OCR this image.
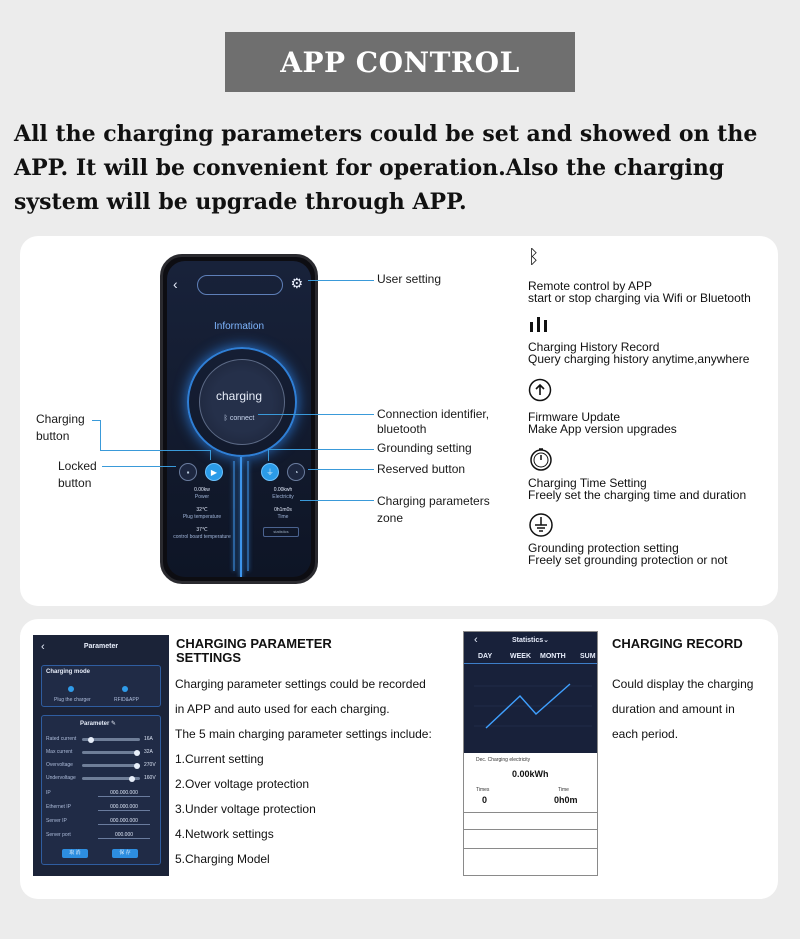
APP CONTROL
All the charging parameters could be set and showed on the APP. It will be convenient for operation.Also the charging system will be upgrade through APP.
‹	⚙
Information
charging
ᛒ connect
▪	▶	⏚	◔
0.00kw
Power
32℃
Plug temperature
37℃
control board temperature
0.00kwh
Electricity
0h1m0s
Time
statistics
User setting
Connection identifier, bluetooth
Grounding setting
Reserved button
Charging parameters zone
Charging button
Locked button
ᛒ
Remote control by APP
start or stop charging via Wifi or Bluetooth
Charging History Record
Query charging history anytime,anywhere
Firmware Update
Make App version upgrades
Charging Time Setting
Freely set the charging time and duration
Grounding protection setting
Freely set grounding protection or not
‹	Parameter
Charging mode
Plug the charger	RFID&APP
Parameter ✎
Rated current	16A
Max current	32A
Overvoltage	270V
Undervoltage	160V
IP	000.000.000
Ethernet IP	000.000.000
Server IP	000.000.000
Server port	000.000
取 消	保 存
CHARGING PARAMETER SETTINGS
Charging parameter settings could be recorded
in APP and auto used for each charging.
The 5 main charging parameter settings include:
1.Current setting
2.Over voltage protection
3.Under voltage protection
4.Network settings
5.Charging Model
‹	Statistics⌄
DAY	WEEK MONTH SUM
Dec. Charging electricity
0.00kWh
Times
0
Time
0h0m
CHARGING RECORD
Could display the charging
duration and amount in
each period.
